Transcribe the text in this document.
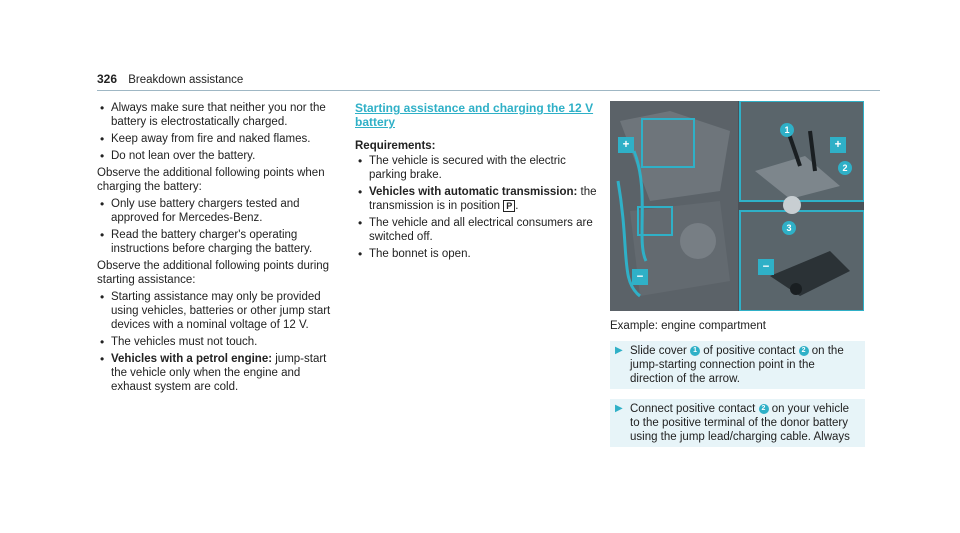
326 Breakdown assistance
• Always make sure that neither you nor the battery is electrostatically charged.
• Keep away from fire and naked flames.
• Do not lean over the battery.

Observe the additional following points when charging the battery:

• Only use battery chargers tested and approved for Mercedes-Benz.
• Read the battery charger's operating instructions before charging the battery.

Observe the additional following points during starting assistance:

• Starting assistance may only be provided using vehicles, batteries or other jump start devices with a nominal voltage of 12 V.
• The vehicles must not touch.
• Vehicles with a petrol engine: jump-start the vehicle only when the engine and exhaust system are cold.
Starting assistance and charging the 12 V battery
Requirements:
• The vehicle is secured with the electric parking brake.
• Vehicles with automatic transmission: the transmission is in position P .
• The vehicle and all electrical consumers are switched off.
• The bonnet is open.
+
−
+
−
1
2
3
Example: engine compartment
▶ Slide cover 1 of positive contact 2 on the jump-starting connection point in the direction of the arrow.
▶ Connect positive contact 2 on your vehicle to the positive terminal of the donor battery using the jump lead/charging cable. Always
